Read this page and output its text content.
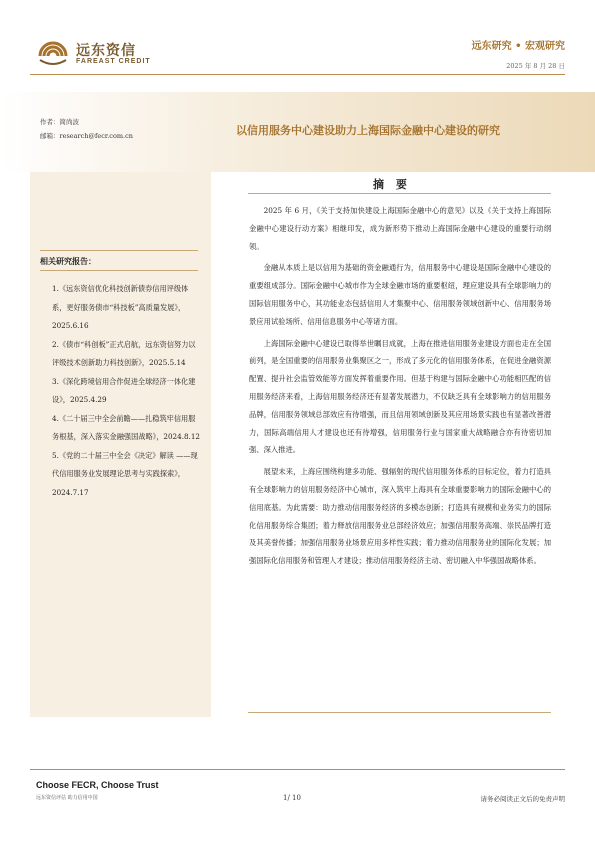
远东资信
FAREAST CREDIT
远东研究 • 宏观研究
2025 年 8 月 28 日
作者：简尚波
邮箱：research@fecr.com.cn	以信用服务中心建设助力上海国际金融中心建设的研究
相关研究报告：

1.《远东资信优化科技创新债券信用评级体系，更好服务债市“科技板”高质量发展》，2025.6.16

2.《债市“科创板”正式启航，远东资信努力以评级技术创新助力科技创新》，2025.5.14

3.《深化跨境信用合作促进全球经济一体化建设》，2025.4.29

4.《二十届三中全会前瞻——扎稳筑牢信用服务根基，深入落实金融强国战略》，2024.8.12

5.《党的二十届三中全会《决定》解读 ——现代信用服务业发展理论思考与实践探索》，2024.7.17

摘 要

2025 年 6 月，《关于支持加快建设上海国际金融中心的意见》以及《关于支持上海国际金融中心建设行动方案》相继印发，成为新形势下推动上海国际金融中心建设的重要行动纲领。

金融从本质上是以信用为基础的资金融通行为，信用服务中心建设是国际金融中心建设的重要组成部分。国际金融中心城市作为全球金融市场的重要枢纽，理应建设具有全球影响力的国际信用服务中心，其功能业态包括信用人才集聚中心、信用服务领域创新中心、信用服务场景应用试验场所、信用信息服务中心等诸方面。

上海国际金融中心建设已取得举世瞩目成就，上海在推进信用服务业建设方面也走在全国前列，是全国重要的信用服务业集聚区之一，形成了多元化的信用服务体系，在促进金融资源配置、提升社会监管效能等方面发挥着重要作用。但基于构建与国际金融中心功能相匹配的信用服务经济来看，上海信用服务经济还有显著发展潜力，不仅缺乏具有全球影响力的信用服务品牌，信用服务领域总部效应有待增强，而且信用领域创新及其应用场景实践也有显著改善潜力，国际高端信用人才建设也还有待增强，信用服务行业与国家重大战略融合亦有待密切加强、深入推进。

展望未来，上海应围绕构建多功能、强辐射的现代信用服务体系的目标定位，着力打造具有全球影响力的信用服务经济中心城市，深入筑牢上海具有全球重要影响力的国际金融中心的信用底基。为此需要：助力推动信用服务经济的多模态创新；打造具有规模和业务实力的国际化信用服务综合集团；着力释放信用服务业总部经济效应；加强信用服务高端、崇民品牌打造及其美誉传播；加强信用服务业场景应用多样性实践；着力推动信用服务业的国际化发展；加强国际化信用服务和管理人才建设；推动信用服务经济主动、密切融入中华强国战略体系。

Choose FECR, Choose Trust
远东资信评估 助力信用中国	1/ 10	请务必阅读正文后的免责声明
